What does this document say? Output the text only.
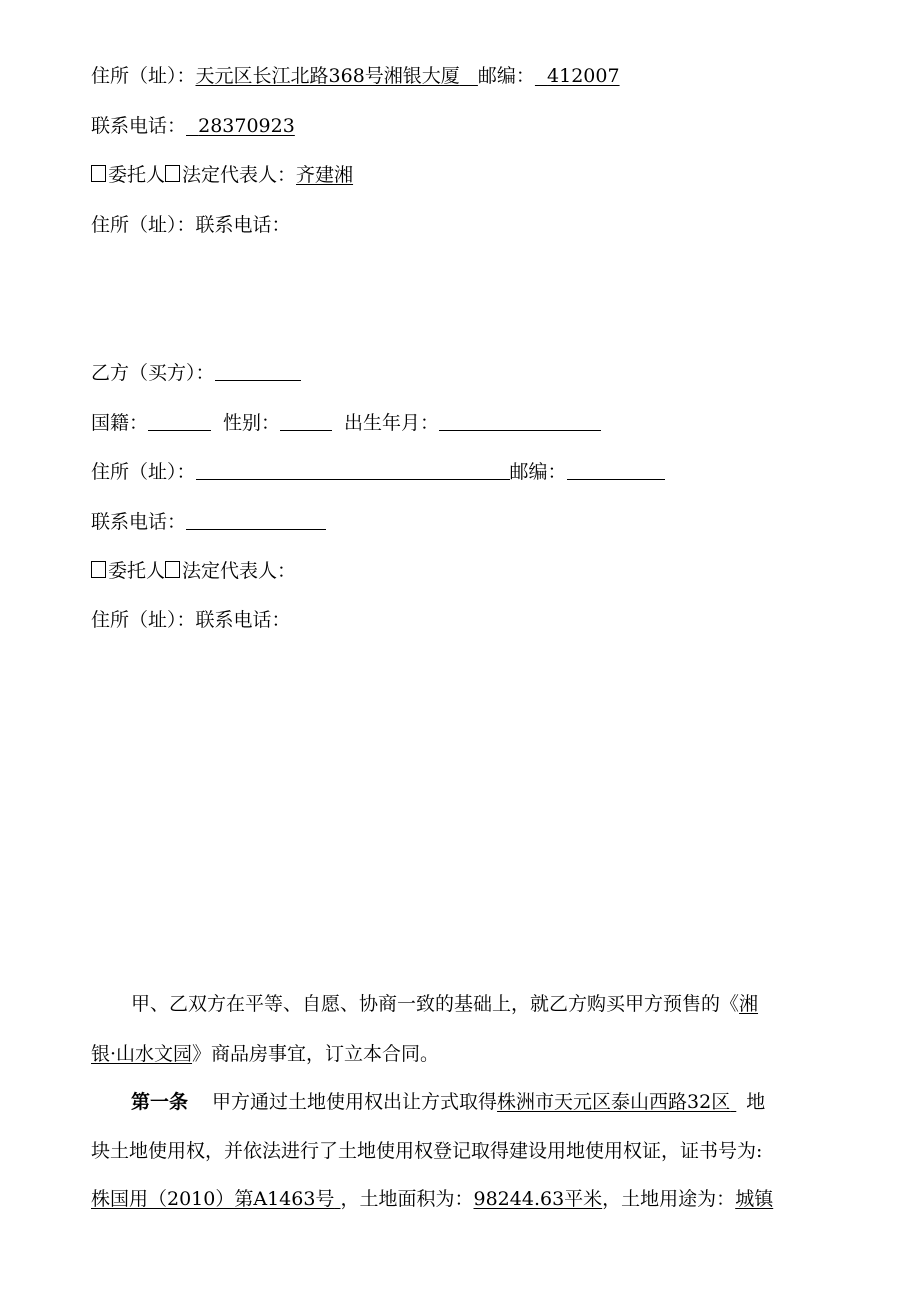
住所（址）：天元区长江北路368号湘银大厦 邮编： 412007
联系电话： 28370923
委托人 法定代表人：齐建湘
住所（址）：联系电话：
乙方（买方）：
国籍：	性别：	出生年月：
住所（址）：	邮编：
联系电话：
委托人 法定代表人：
住所（址）：联系电话：
甲、乙双方在平等、自愿、协商一致的基础上，就乙方购买甲方预售的《湘
银·山水文园》商品房事宜，订立本合同。
第一条 甲方通过土地使用权出让方式取得株洲市天元区泰山西路32区 地
块土地使用权，并依法进行了土地使用权登记取得建设用地使用权证，证书号为:
株国用（2010）第A1463号 ，土地面积为：98244.63平米，土地用途为：城镇
